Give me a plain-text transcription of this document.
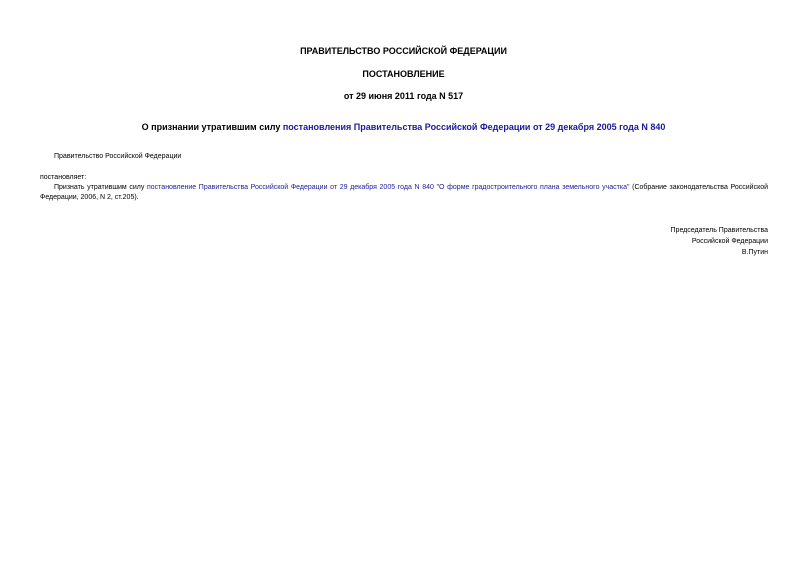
ПРАВИТЕЛЬСТВО РОССИЙСКОЙ ФЕДЕРАЦИИ
ПОСТАНОВЛЕНИЕ
от 29 июня 2011 года N 517
О признании утратившим силу постановления Правительства Российской Федерации от 29 декабря 2005 года N 840
Правительство Российской Федерации
постановляет:
Признать утратившим силу постановление Правительства Российской Федерации от 29 декабря 2005 года N 840 "О форме градостроительного плана земельного участка" (Собрание законодательства Российской Федерации, 2006, N 2, ст.205).
Председатель Правительства
Российской Федерации
В.Путин
